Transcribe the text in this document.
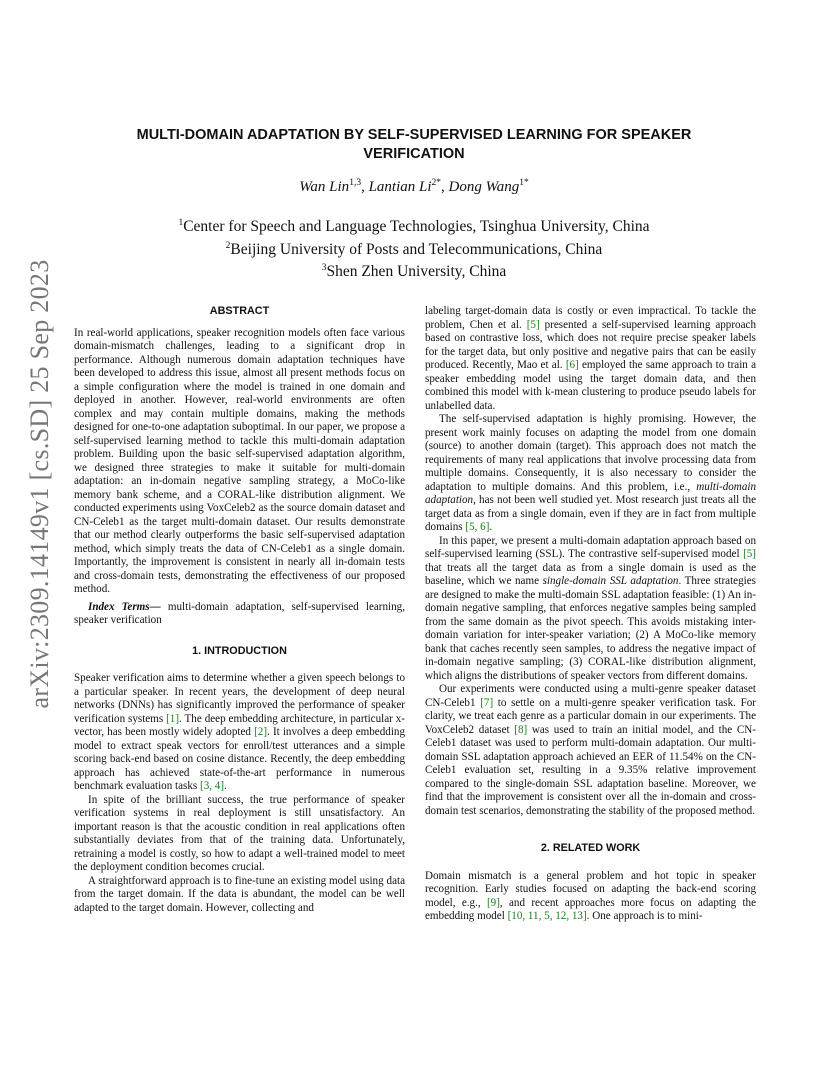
arXiv:2309.14149v1 [cs.SD] 25 Sep 2023
MULTI-DOMAIN ADAPTATION BY SELF-SUPERVISED LEARNING FOR SPEAKER
VERIFICATION
Wan Lin$^{1,3}$, Lantian $Li^{2*}$, Dong Wang$^{1*}$
$^1$Center for Speech and Language Technologies, Tsinghua University, China
$^2$Beijing University of Posts and Telecommunications, China
$^3$Shen Zhen University, China

ABSTRACT

In real-world applications, speaker recognition models often face various domain-mismatch challenges, leading to a significant drop in performance. Although numerous domain adaptation techniques have been developed to address this issue, almost all present methods focus on a simple configuration where the model is trained in one domain and deployed in another. However, real-world environments are often complex and may contain multiple domains, making the methods designed for one-to-one adaptation suboptimal. In our paper, we propose a self-supervised learning method to tackle this multi-domain adaptation problem. Building upon the basic self-supervised adaptation algorithm, we designed three strategies to make it suitable for multi-domain adaptation: an in-domain negative sampling strategy, a MoCo-like memory bank scheme, and a CORAL-like distribution alignment. We conducted experiments using VoxCeleb2 as the source domain dataset and CN-Celeb1 as the target multi-domain dataset. Our results demonstrate that our method clearly outperforms the basic self-supervised adaptation method, which simply treats the data of CN-Celeb1 as a single domain. Importantly, the improvement is consistent in nearly all in-domain tests and cross-domain tests, demonstrating the effectiveness of our proposed method.

Index Terms— multi-domain adaptation, self-supervised learning, speaker verification

1. INTRODUCTION

Speaker verification aims to determine whether a given speech belongs to a particular speaker. In recent years, the development of deep neural networks (DNNs) has significantly improved the performance of speaker verification systems [1]. The deep embedding architecture, in particular x-vector, has been mostly widely adopted [2]. It involves a deep embedding model to extract speak vectors for enroll/test utterances and a simple scoring back-end based on cosine distance. Recently, the deep embedding approach has achieved state-of-the-art performance in numerous benchmark evaluation tasks [3, 4].

In spite of the brilliant success, the true performance of speaker verification systems in real deployment is still unsatisfactory. An important reason is that the acoustic condition in real applications often substantially deviates from that of the training data. Unfortunately, retraining a model is costly, so how to adapt a well-trained model to meet the deployment condition becomes crucial.

A straightforward approach is to fine-tune an existing model using data from the target domain. If the data is abundant, the model can be well adapted to the target domain. However, collecting and

labeling target-domain data is costly or even impractical. To tackle the problem, Chen et al. [5] presented a self-supervised learning approach based on contrastive loss, which does not require precise speaker labels for the target data, but only positive and negative pairs that can be easily produced. Recently, Mao et al. [6] employed the same approach to train a speaker embedding model using the target domain data, and then combined this model with k-mean clustering to produce pseudo labels for unlabelled data.

The self-supervised adaptation is highly promising. However, the present work mainly focuses on adapting the model from one domain (source) to another domain (target). This approach does not match the requirements of many real applications that involve processing data from multiple domains. Consequently, it is also necessary to consider the adaptation to multiple domains. And this problem, i.e., multi-domain adaptation, has not been well studied yet. Most research just treats all the target data as from a single domain, even if they are in fact from multiple domains [5, 6].

In this paper, we present a multi-domain adaptation approach based on self-supervised learning (SSL). The contrastive self-supervised model [5] that treats all the target data as from a single domain is used as the baseline, which we name single-domain SSL adaptation. Three strategies are designed to make the multi-domain SSL adaptation feasible: (1) An in-domain negative sampling, that enforces negative samples being sampled from the same domain as the pivot speech. This avoids mistaking inter-domain variation for inter-speaker variation; (2) A MoCo-like memory bank that caches recently seen samples, to address the negative impact of in-domain negative sampling; (3) CORAL-like distribution alignment, which aligns the distributions of speaker vectors from different domains.

Our experiments were conducted using a multi-genre speaker dataset CN-Celeb1 [7] to settle on a multi-genre speaker verification task. For clarity, we treat each genre as a particular domain in our experiments. The VoxCeleb2 dataset [8] was used to train an initial model, and the CN-Celeb1 dataset was used to perform multi-domain adaptation. Our multi-domain SSL adaptation approach achieved an EER of 11.54% on the CN-Celeb1 evaluation set, resulting in a 9.35% relative improvement compared to the single-domain SSL adaptation baseline. Moreover, we find that the improvement is consistent over all the in-domain and cross-domain test scenarios, demonstrating the stability of the proposed method.

2. RELATED WORK

Domain mismatch is a general problem and hot topic in speaker recognition. Early studies focused on adapting the back-end scoring model, e.g., [9], and recent approaches more focus on adapting the embedding model [10, 11, 5, 12, 13]. One approach is to mini-
